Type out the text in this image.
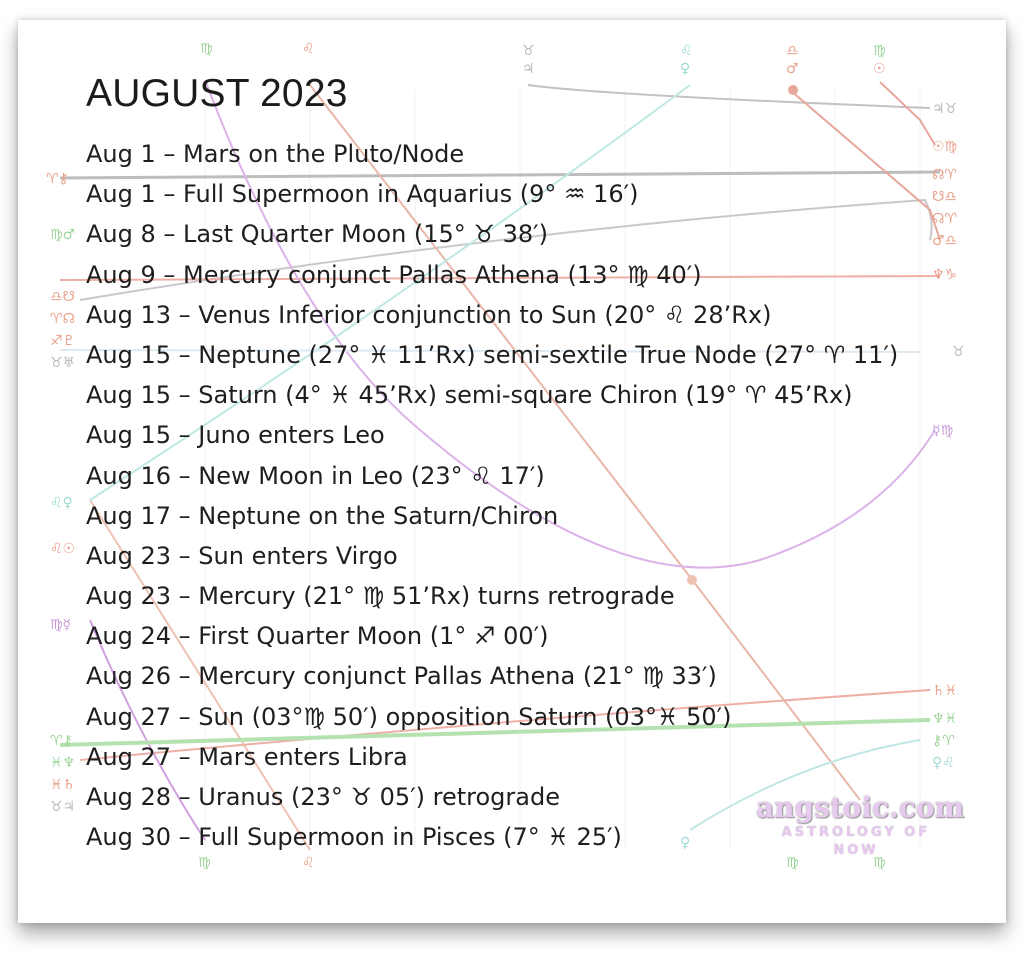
♍	♌	♉
♃
♌
♀
♎
♂
♍
☉
♍	♌
♀
♍	♍
♃♉
☉♍
☊♈
☋♎
☊♈
♂♎
♆♑
♉
☿♍
♄♓
♆♓
⚷♈
♀♌
♈⚷
♍♂
♎☋
♈☊
♐♇
♉♅
♌♀
♌☉
♍☿
♈⚷
♓♆
♓♄
♉♃
AUGUST 2023
Aug 1 – Mars on the Pluto/Node
Aug 1 – Full Supermoon in Aquarius (9° ♒ 16′)
Aug 8 – Last Quarter Moon (15° ♉ 38′)
Aug 9 – Mercury conjunct Pallas Athena (13° ♍ 40′)
Aug 13 – Venus Inferior conjunction to Sun (20° ♌ 28’Rx)
Aug 15 – Neptune (27° ♓ 11’Rx) semi-sextile True Node (27° ♈ 11′)
Aug 15 – Saturn (4° ♓ 45’Rx) semi-square Chiron (19° ♈ 45’Rx)
Aug 15 – Juno enters Leo
Aug 16 – New Moon in Leo (23° ♌ 17′)
Aug 17 – Neptune on the Saturn/Chiron
Aug 23 – Sun enters Virgo
Aug 23 – Mercury (21° ♍ 51’Rx) turns retrograde
Aug 24 – First Quarter Moon (1° ♐ 00′)
Aug 26 – Mercury conjunct Pallas Athena (21° ♍ 33′)
Aug 27 – Sun (03°♍ 50′) opposition Saturn (03°♓ 50′)
Aug 27 – Mars enters Libra
Aug 28 – Uranus (23° ♉ 05′) retrograde
Aug 30 – Full Supermoon in Pisces (7° ♓ 25′)
angstoic.com
ASTROLOGY OF NOW
